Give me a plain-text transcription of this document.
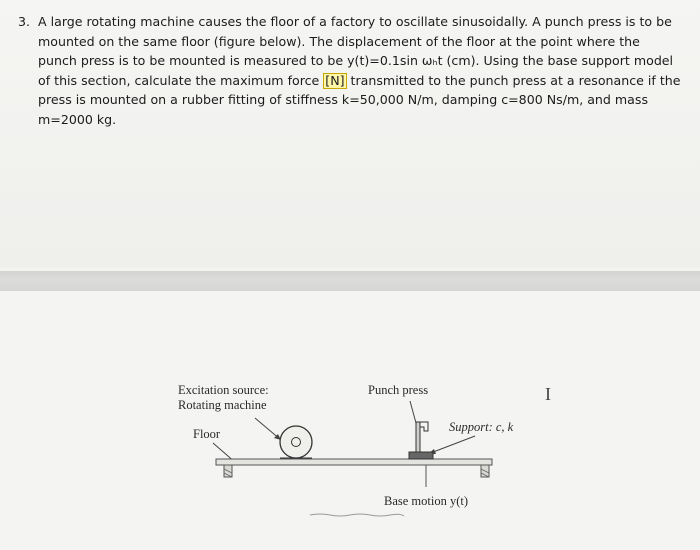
3. A large rotating machine causes the floor of a factory to oscillate sinusoidally. A punch press is to be
mounted on the same floor (figure below). The displacement of the floor at the point where the
punch press is to be mounted is measured to be y(t)=0.1sin ωₕt (cm). Using the base support model
of this section, calculate the maximum force [N] transmitted to the punch press at a resonance if the
press is mounted on a rubber fitting of stiffness k=50,000 N/m, damping c=800 Ns/m, and mass
m=2000 kg.

Excitation source:
Rotating machine
Punch press
Floor	Support: c, k
Base motion y(t)
I
